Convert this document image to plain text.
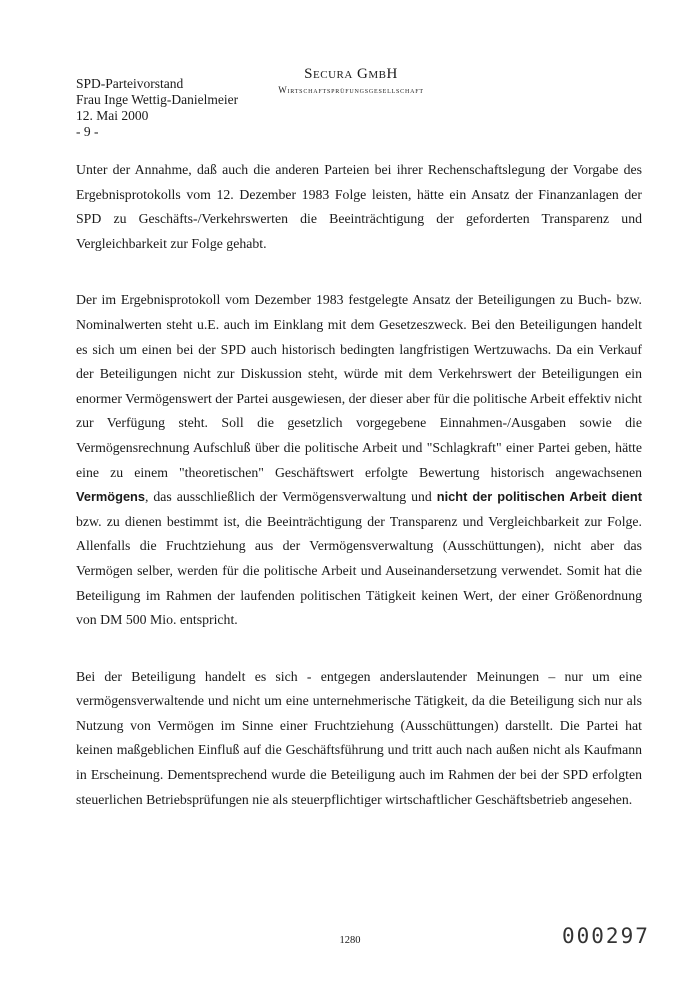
SPD-Parteivorstand
Frau Inge Wettig-Danielmeier
12. Mai 2000
- 9 -
Secura GmbH
Wirtschaftsprüfungsgesellschaft

Unter der Annahme, daß auch die anderen Parteien bei ihrer Rechenschaftslegung der Vorgabe des Ergebnisprotokolls vom 12. Dezember 1983 Folge leisten, hätte ein Ansatz der Finanzanlagen der SPD zu Geschäfts-/Verkehrswerten die Beeinträchtigung der geforderten Transparenz und Vergleichbarkeit zur Folge gehabt.

Der im Ergebnisprotokoll vom Dezember 1983 festgelegte Ansatz der Beteiligungen zu Buch- bzw. Nominalwerten steht u.E. auch im Einklang mit dem Gesetzeszweck. Bei den Beteiligungen handelt es sich um einen bei der SPD auch historisch bedingten langfristigen Wertzuwachs. Da ein Verkauf der Beteiligungen nicht zur Diskussion steht, würde mit dem Verkehrswert der Beteiligungen ein enormer Vermögenswert der Partei ausgewiesen, der dieser aber für die politische Arbeit effektiv nicht zur Verfügung steht. Soll die gesetzlich vorgegebene Einnahmen-/Ausgaben sowie die Vermögensrechnung Aufschluß über die politische Arbeit und "Schlagkraft" einer Partei geben, hätte eine zu einem "theoretischen" Geschäftswert erfolgte Bewertung historisch angewachsenen Vermögens, das ausschließlich der Vermögensverwaltung und nicht der politischen Arbeit dient bzw. zu dienen bestimmt ist, die Beeinträchtigung der Transparenz und Vergleichbarkeit zur Folge. Allenfalls die Fruchtziehung aus der Vermögensverwaltung (Ausschüttungen), nicht aber das Vermögen selber, werden für die politische Arbeit und Auseinandersetzung verwendet. Somit hat die Beteiligung im Rahmen der laufenden politischen Tätigkeit keinen Wert, der einer Größenordnung von DM 500 Mio. entspricht.

Bei der Beteiligung handelt es sich - entgegen anderslautender Meinungen – nur um eine vermögensverwaltende und nicht um eine unternehmerische Tätigkeit, da die Beteiligung sich nur als Nutzung von Vermögen im Sinne einer Fruchtziehung (Ausschüttungen) darstellt. Die Partei hat keinen maßgeblichen Einfluß auf die Geschäftsführung und tritt auch nach außen nicht als Kaufmann in Erscheinung. Dementsprechend wurde die Beteiligung auch im Rahmen der bei der SPD erfolgten steuerlichen Betriebsprüfungen nie als steuerpflichtiger wirtschaftlicher Geschäftsbetrieb angesehen.

1280	000297
